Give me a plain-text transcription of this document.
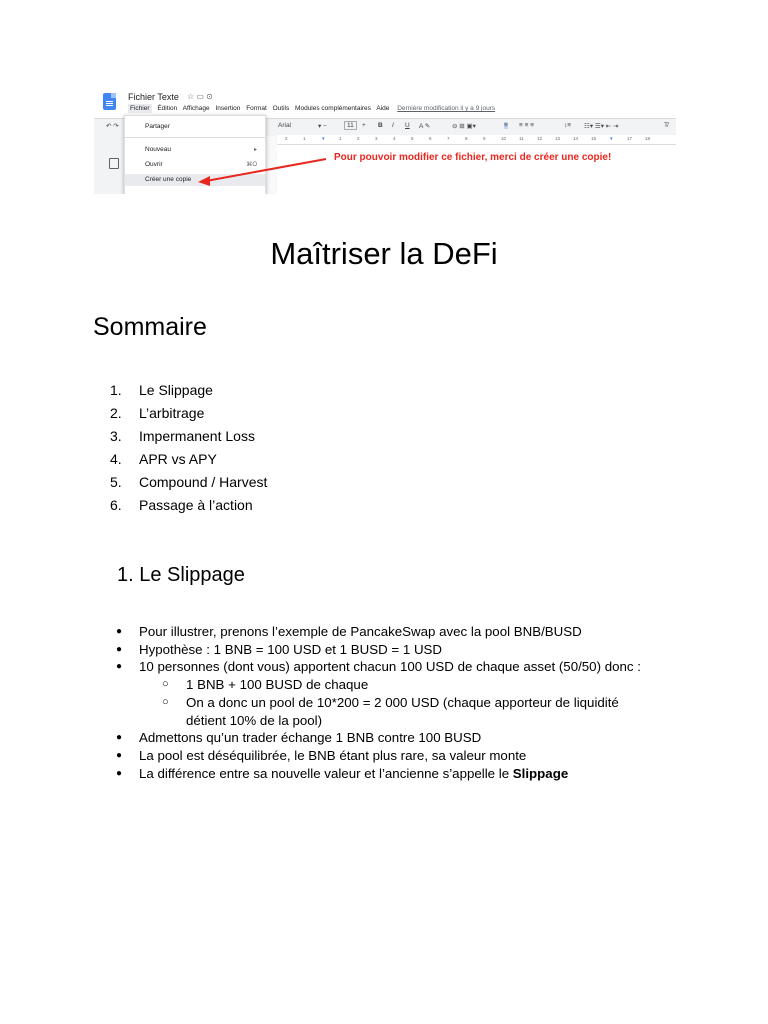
Fichier Texte ☆ ▭ ⊙
Fichier Édition Affichage Insertion Format Outils Modules complémentaires Aide Dernière modification il y a 9 jours
↶ ↷	Arial	▾ −	11	+ B I U A ✎	⊖ ⊞ ▣▾	≡ ≡ ≡ ≡	↕≡ ☷▾ ☰▾ ⇤ ⇥	T̸
2	1	▼	1	2	3	4	5	6	7	8	9	10	11	12	13	14	15	▼	17	18
Partager
Nouveau	▸
Ouvrir	⌘O
Créer une copie
Pour pouvoir modifier ce fichier, merci de créer une copie!
Maîtriser la DeFi
Sommaire
1. Le Slippage
2. L’arbitrage
3. Impermanent Loss
4. APR vs APY
5. Compound / Harvest
6. Passage à l’action
1. Le Slippage
● Pour illustrer, prenons l’exemple de PancakeSwap avec la pool BNB/BUSD
● Hypothèse : 1 BNB = 100 USD et 1 BUSD = 1 USD
● 10 personnes (dont vous) apportent chacun 100 USD de chaque asset (50/50) donc :
○ 1 BNB + 100 BUSD de chaque
○ On a donc un pool de 10*200 = 2 000 USD (chaque apporteur de liquidité
détient 10% de la pool)
● Admettons qu’un trader échange 1 BNB contre 100 BUSD
● La pool est déséquilibrée, le BNB étant plus rare, sa valeur monte
● La différence entre sa nouvelle valeur et l’ancienne s’appelle le Slippage
